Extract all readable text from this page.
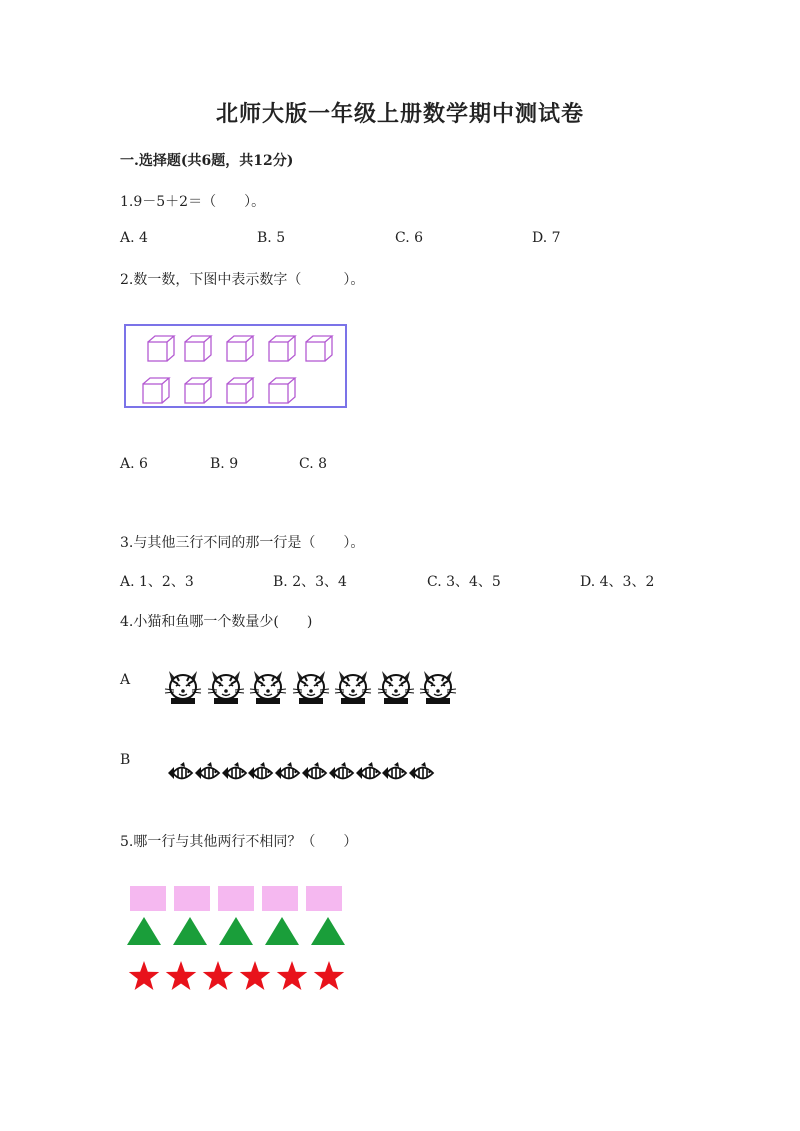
北师大版一年级上册数学期中测试卷
一.选择题(共6题，共12分)
1.9－5＋2＝（　　）。
A. 4	B. 5	C. 6	D. 7
2.数一数，下图中表示数字（　　　）。
A. 6	B. 9	C. 8
3.与其他三行不同的那一行是（　　）。
A. 1、2、3	B. 2、3、4	C. 3、4、5	D. 4、3、2
4.小猫和鱼哪一个数量少(　　)
A
B
5.哪一行与其他两行不相同？（　　）
